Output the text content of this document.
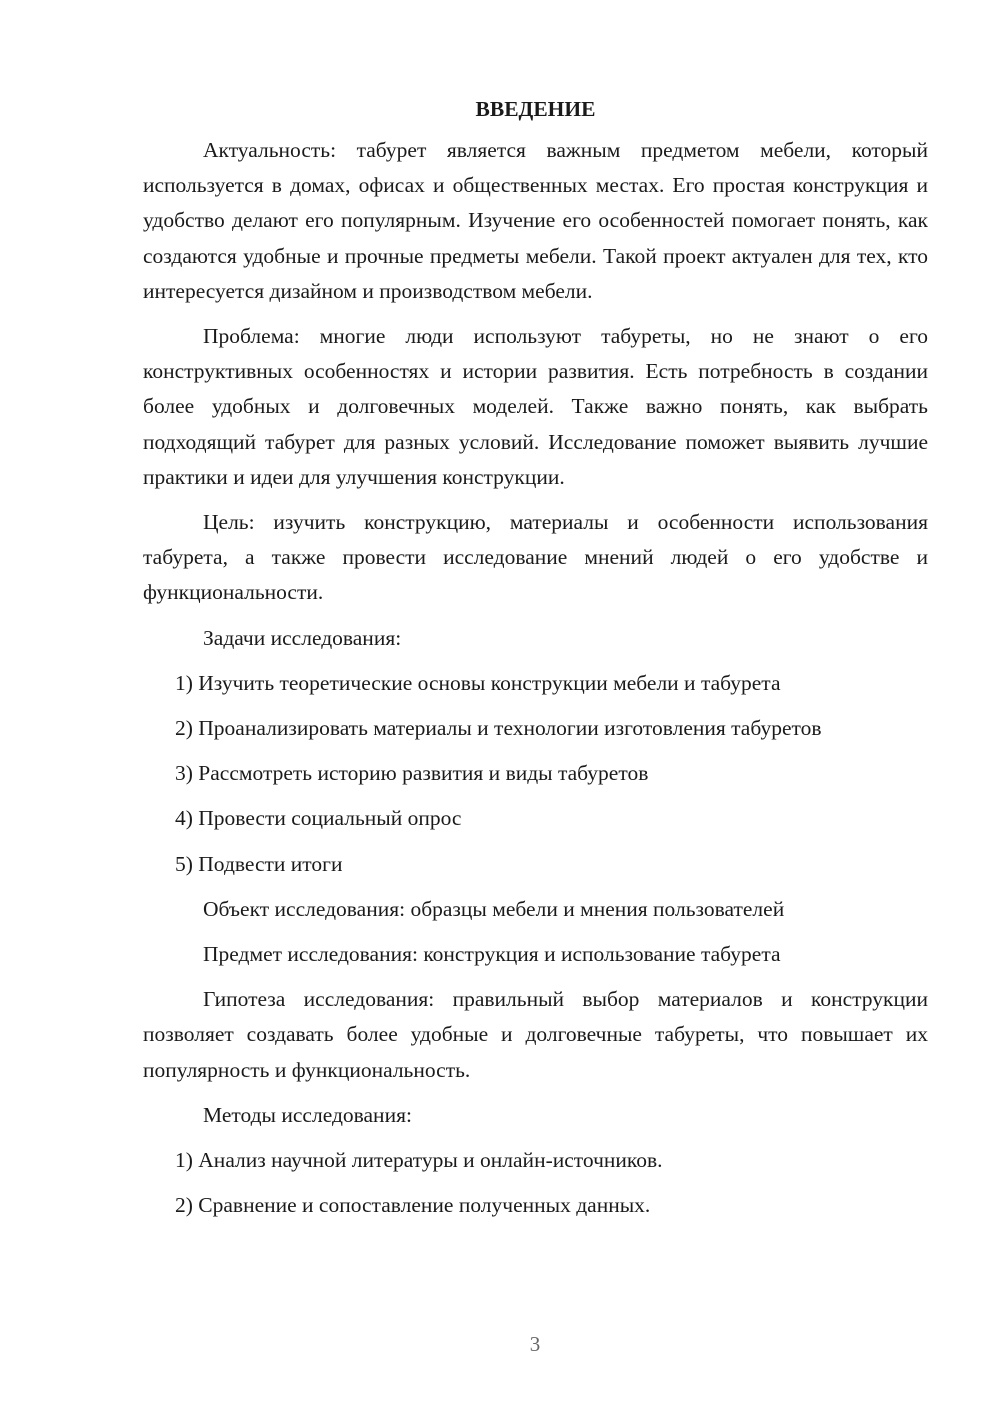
ВВЕДЕНИЕ

Актуальность: табурет является важным предметом мебели, который используется в домах, офисах и общественных местах. Его простая конструкция и удобство делают его популярным. Изучение его особенностей помогает понять, как создаются удобные и прочные предметы мебели. Такой проект актуален для тех, кто интересуется дизайном и производством мебели.

Проблема: многие люди используют табуреты, но не знают о его конструктивных особенностях и истории развития. Есть потребность в создании более удобных и долговечных моделей. Также важно понять, как выбрать подходящий табурет для разных условий. Исследование поможет выявить лучшие практики и идеи для улучшения конструкции.

Цель: изучить конструкцию, материалы и особенности использования табурета, а также провести исследование мнений людей о его удобстве и функциональности.

Задачи исследования:

1) Изучить теоретические основы конструкции мебели и табурета

2) Проанализировать материалы и технологии изготовления табуретов

3) Рассмотреть историю развития и виды табуретов

4) Провести социальный опрос

5) Подвести итоги

Объект исследования: образцы мебели и мнения пользователей

Предмет исследования: конструкция и использование табурета

Гипотеза исследования: правильный выбор материалов и конструкции позволяет создавать более удобные и долговечные табуреты, что повышает их популярность и функциональность.

Методы исследования:

1) Анализ научной литературы и онлайн-источников.

2) Сравнение и сопоставление полученных данных.

3
